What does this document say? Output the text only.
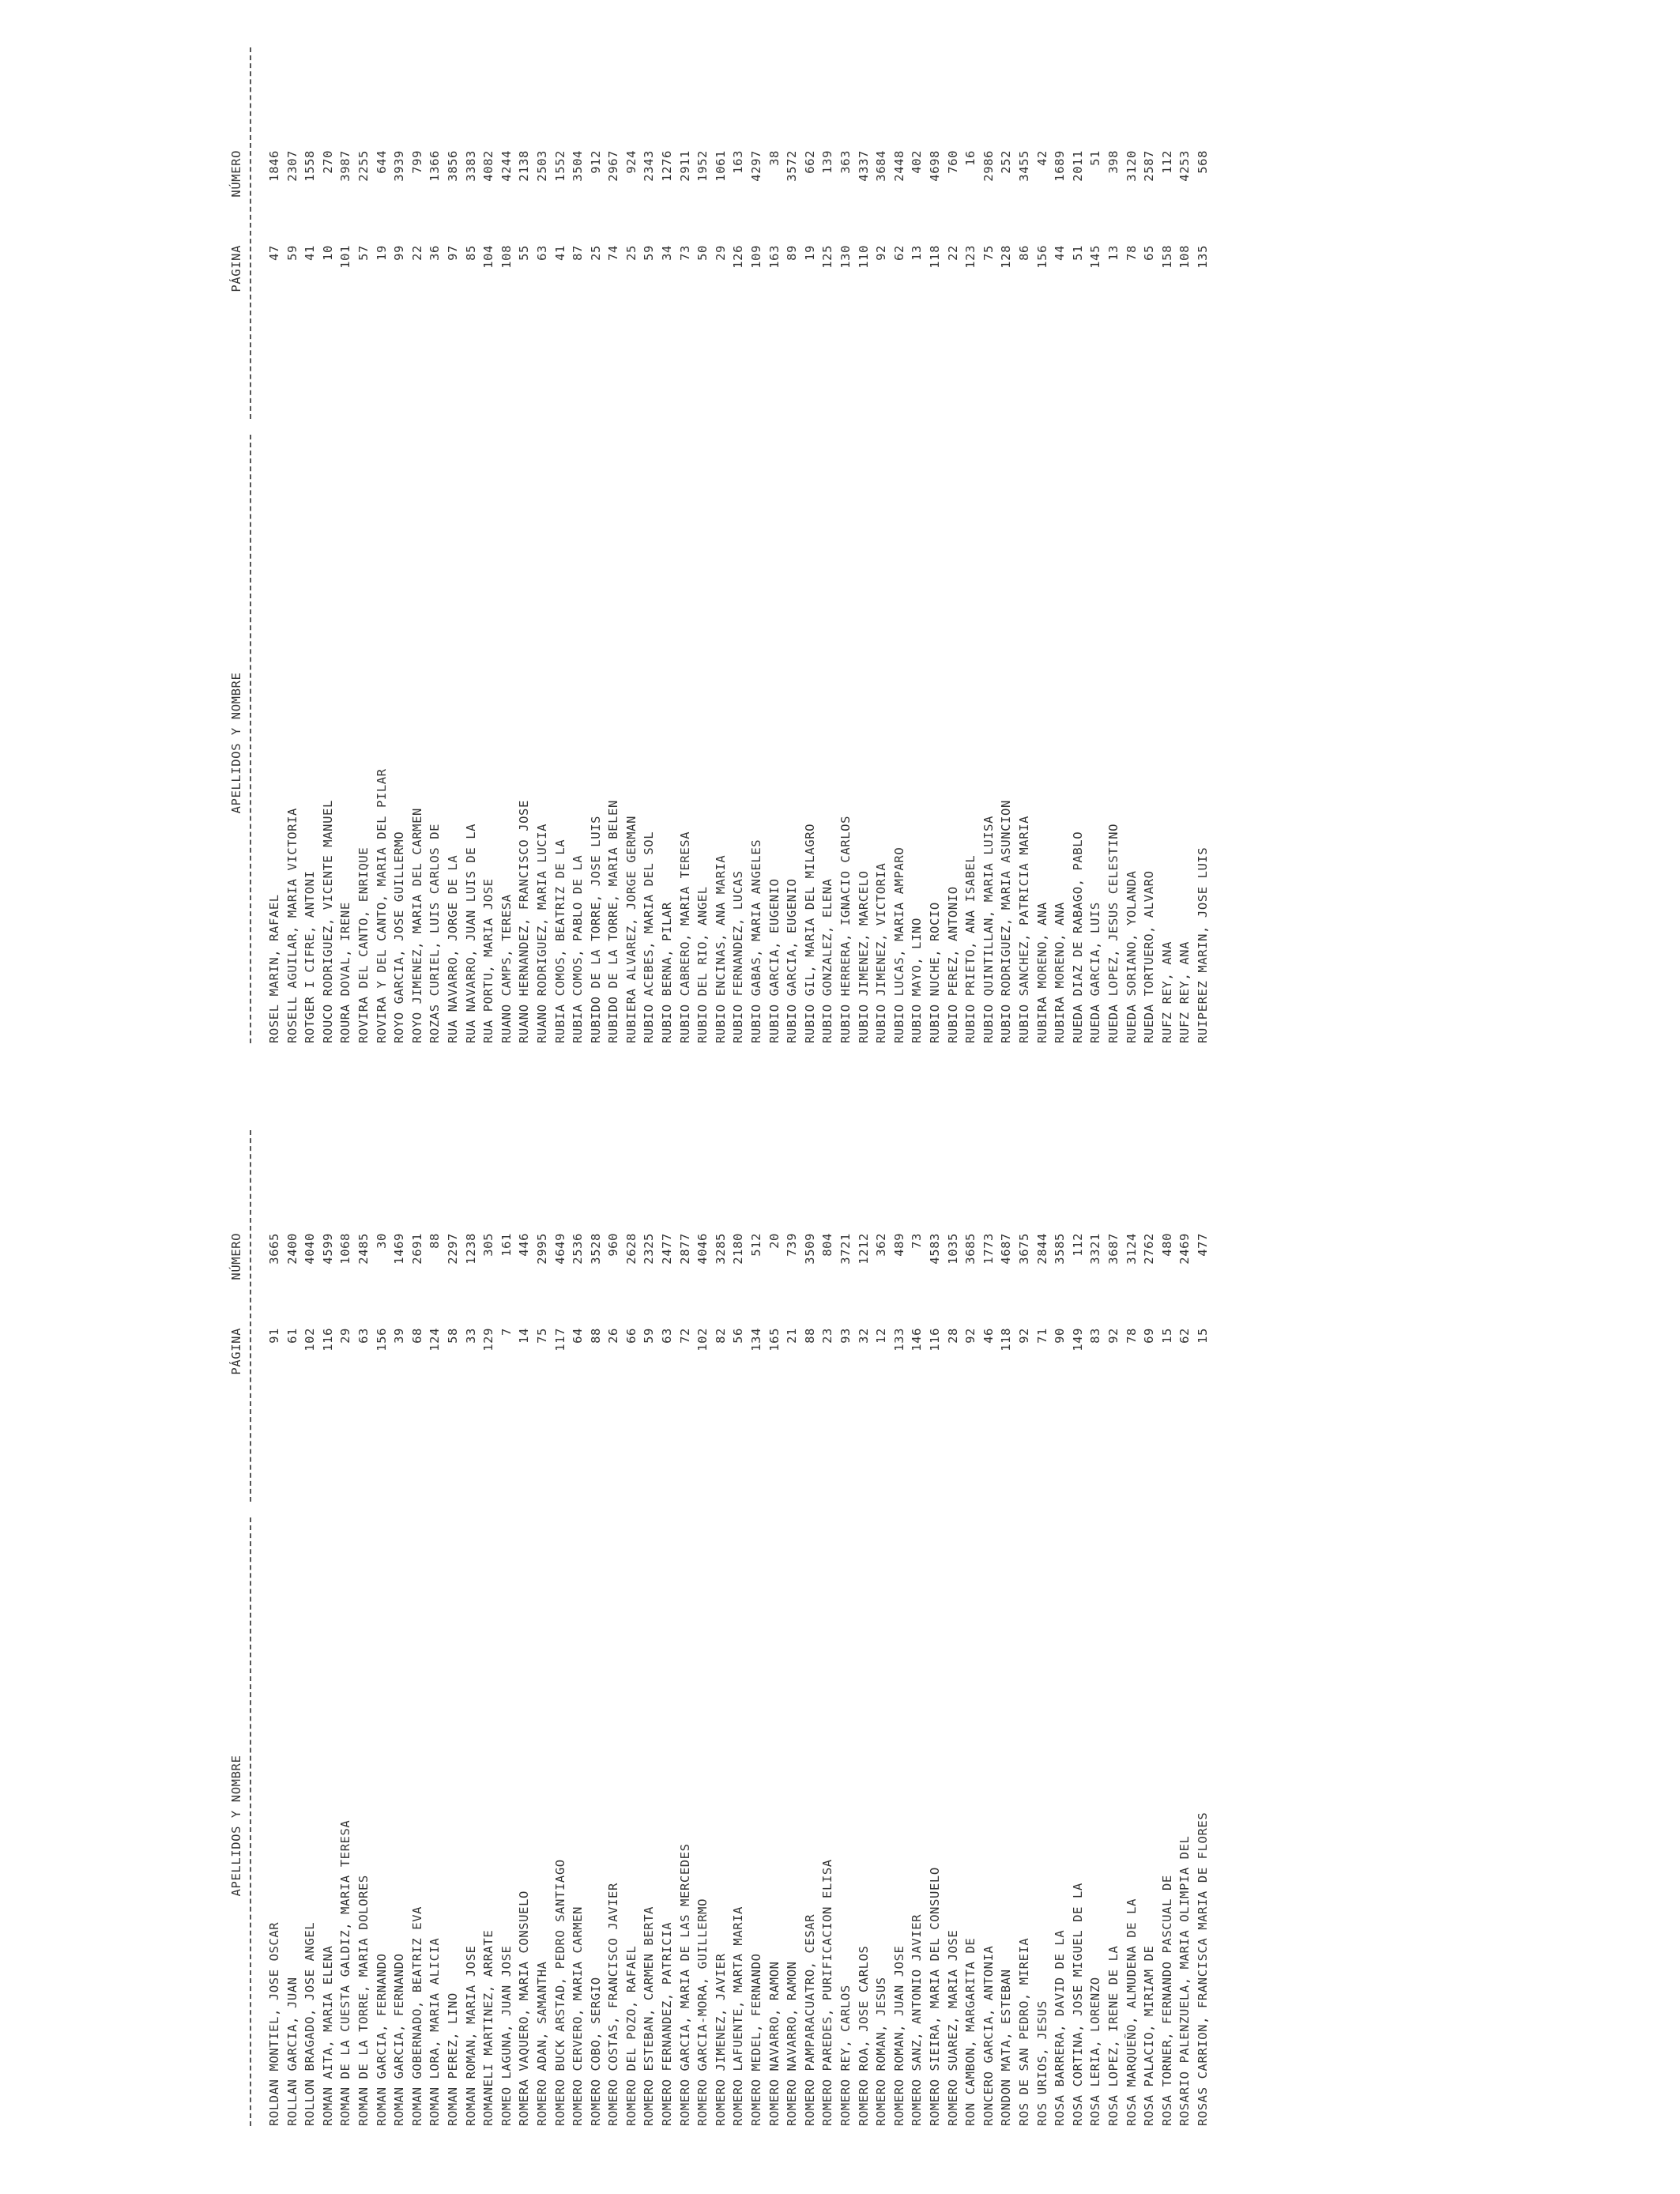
APELLIDOS Y NOMBRE
PÁGINA
NÚMERO
ROLDAN MONTIEL, JOSE OSCAR
91
3665
ROLLAN GARCIA, JUAN
61
2400
ROLLON BRAGADO, JOSE ANGEL
102
4040
ROMAN AITA, MARIA ELENA
116
4599
ROMAN DE LA CUESTA GALDIZ, MARIA TERESA
29
1068
ROMAN DE LA TORRE, MARIA DOLORES
63
2485
ROMAN GARCIA, FERNANDO
156
30
ROMAN GARCIA, FERNANDO
39
1469
ROMAN GOBERNADO, BEATRIZ EVA
68
2691
ROMAN LORA, MARIA ALICIA
124
88
ROMAN PEREZ, LINO
58
2297
ROMAN ROMAN, MARIA JOSE
33
1238
ROMANELI MARTINEZ, ARRATE
129
305
ROMEO LAGUNA, JUAN JOSE
7
161
ROMERA VAQUERO, MARIA CONSUELO
14
446
ROMERO ADAN, SAMANTHA
75
2995
ROMERO BUCK ARSTAD, PEDRO SANTIAGO
117
4649
ROMERO CERVERO, MARIA CARMEN
64
2536
ROMERO COBO, SERGIO
88
3528
ROMERO COSTAS, FRANCISCO JAVIER
26
960
ROMERO DEL POZO, RAFAEL
66
2628
ROMERO ESTEBAN, CARMEN BERTA
59
2325
ROMERO FERNANDEZ, PATRICIA
63
2477
ROMERO GARCIA, MARIA DE LAS MERCEDES
72
2877
ROMERO GARCIA-MORA, GUILLERMO
102
4046
ROMERO JIMENEZ, JAVIER
82
3285
ROMERO LAFUENTE, MARTA MARIA
56
2180
ROMERO MEDEL, FERNANDO
134
512
ROMERO NAVARRO, RAMON
165
20
ROMERO NAVARRO, RAMON
21
739
ROMERO PAMPARACUATRO, CESAR
88
3509
ROMERO PAREDES, PURIFICACION ELISA
23
804
ROMERO REY, CARLOS
93
3721
ROMERO ROA, JOSE CARLOS
32
1212
ROMERO ROMAN, JESUS
12
362
ROMERO ROMAN, JUAN JOSE
133
489
ROMERO SANZ, ANTONIO JAVIER
146
73
ROMERO SIEIRA, MARIA DEL CONSUELO
116
4583
ROMERO SUAREZ, MARIA JOSE
28
1035
RON CAMBON, MARGARITA DE
92
3685
RONCERO GARCIA, ANTONIA
46
1773
RONDON MATA, ESTEBAN
118
4687
ROS DE SAN PEDRO, MIREIA
92
3675
ROS URIOS, JESUS
71
2844
ROSA BARRERA, DAVID DE LA
90
3585
ROSA CORTINA, JOSE MIGUEL DE LA
149
112
ROSA LERIA, LORENZO
83
3321
ROSA LOPEZ, IRENE DE LA
92
3687
ROSA MARQUEÑO, ALMUDENA DE LA
78
3124
ROSA PALACIO, MIRIAM DE
69
2762
ROSA TORNER, FERNANDO PASCUAL DE
15
480
ROSARIO PALENZUELA, MARIA OLIMPIA DEL
62
2469
ROSAS CARRION, FRANCISCA MARIA DE FLORES
15
477
APELLIDOS Y NOMBRE
PÁGINA
NÚMERO
ROSEL MARIN, RAFAEL
47
1846
ROSELL AGUILAR, MARIA VICTORIA
59
2307
ROTGER I CIFRE, ANTONI
41
1558
ROUCO RODRIGUEZ, VICENTE MANUEL
10
270
ROURA DOVAL, IRENE
101
3987
ROVIRA DEL CANTO, ENRIQUE
57
2255
ROVIRA Y DEL CANTO, MARIA DEL PILAR
19
644
ROYO GARCIA, JOSE GUILLERMO
99
3939
ROYO JIMENEZ, MARIA DEL CARMEN
22
799
ROZAS CURIEL, LUIS CARLOS DE
36
1366
RUA NAVARRO, JORGE DE LA
97
3856
RUA NAVARRO, JUAN LUIS DE LA
85
3383
RUA PORTU, MARIA JOSE
104
4082
RUANO CAMPS, TERESA
108
4244
RUANO HERNANDEZ, FRANCISCO JOSE
55
2138
RUANO RODRIGUEZ, MARIA LUCIA
63
2503
RUBIA COMOS, BEATRIZ DE LA
41
1552
RUBIA COMOS, PABLO DE LA
87
3504
RUBIDO DE LA TORRE, JOSE LUIS
25
912
RUBIDO DE LA TORRE, MARIA BELEN
74
2967
RUBIERA ALVAREZ, JORGE GERMAN
25
924
RUBIO ACEBES, MARIA DEL SOL
59
2343
RUBIO BERNA, PILAR
34
1276
RUBIO CABRERO, MARIA TERESA
73
2911
RUBIO DEL RIO, ANGEL
50
1952
RUBIO ENCINAS, ANA MARIA
29
1061
RUBIO FERNANDEZ, LUCAS
126
163
RUBIO GABAS, MARIA ANGELES
109
4297
RUBIO GARCIA, EUGENIO
163
38
RUBIO GARCIA, EUGENIO
89
3572
RUBIO GIL, MARIA DEL MILAGRO
19
662
RUBIO GONZALEZ, ELENA
125
139
RUBIO HERRERA, IGNACIO CARLOS
130
363
RUBIO JIMENEZ, MARCELO
110
4337
RUBIO JIMENEZ, VICTORIA
92
3684
RUBIO LUCAS, MARIA AMPARO
62
2448
RUBIO MAYO, LINO
13
402
RUBIO NUCHE, ROCIO
118
4698
RUBIO PEREZ, ANTONIO
22
760
RUBIO PRIETO, ANA ISABEL
123
16
RUBIO QUINTILLAN, MARIA LUISA
75
2986
RUBIO RODRIGUEZ, MARIA ASUNCION
128
252
RUBIO SANCHEZ, PATRICIA MARIA
86
3455
RUBIRA MORENO, ANA
156
42
RUBIRA MORENO, ANA
44
1689
RUEDA DIAZ DE RABAGO, PABLO
51
2011
RUEDA GARCIA, LUIS
145
51
RUEDA LOPEZ, JESUS CELESTINO
13
398
RUEDA SORIANO, YOLANDA
78
3120
RUEDA TORTUERO, ALVARO
65
2587
RUFZ REY, ANA
158
112
RUFZ REY, ANA
108
4253
RUIPEREZ MARIN, JOSE LUIS
135
568
